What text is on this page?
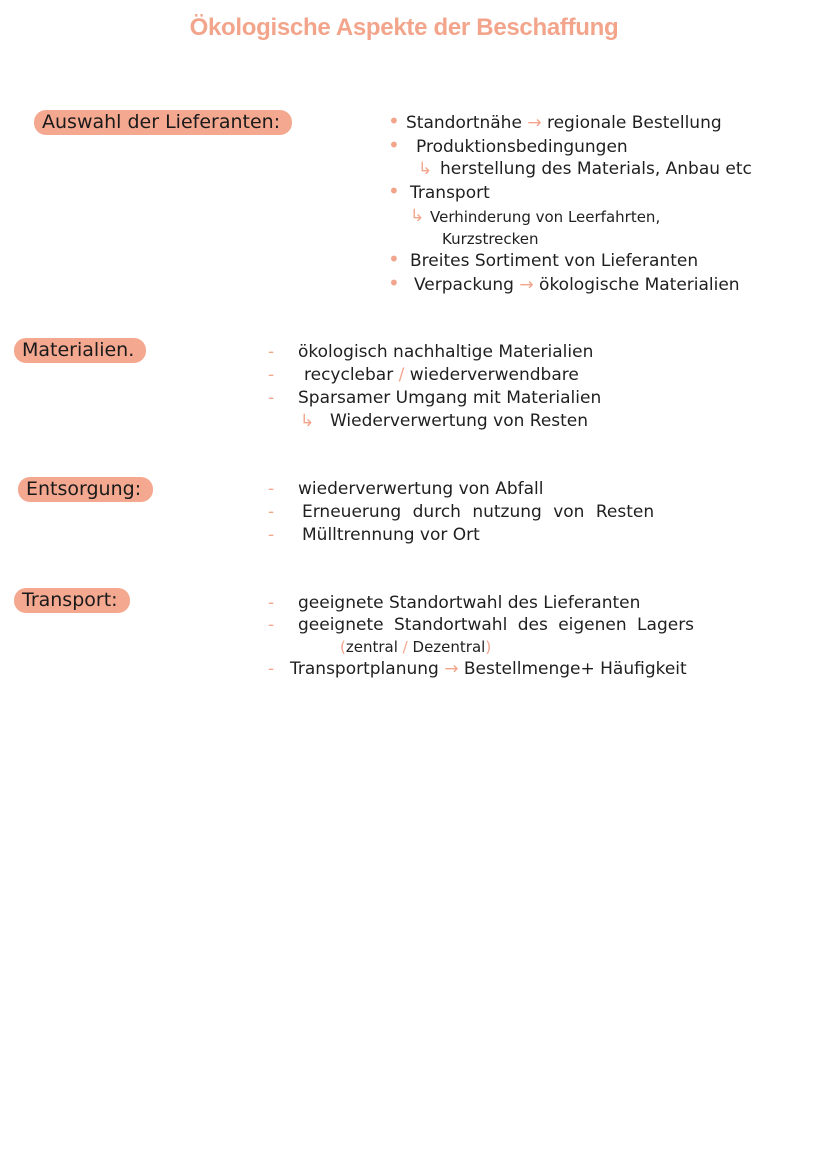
Ökologische Aspekte der Beschaffung
Auswahl der Lieferanten:	• Standortnähe → regionale Bestellung
• Produktionsbedingungen
↳ herstellung des Materials, Anbau etc
• Transport
↳ Verhinderung von Leerfahrten,
Kurzstrecken
• Breites Sortiment von Lieferanten
• Verpackung → ökologische Materialien
Materialien.	- ökologisch nachhaltige Materialien
- recyclebar / wiederverwendbare
- Sparsamer Umgang mit Materialien
↳ Wiederverwertung von Resten
Entsorgung:	- wiederverwertung von Abfall
- Erneuerung durch nutzung von Resten
- Mülltrennung vor Ort
Transport:	- geeignete Standortwahl des Lieferanten
- geeignete Standortwahl des eigenen Lagers
(zentral / Dezentral)
- Transportplanung → Bestellmenge+ Häufigkeit
